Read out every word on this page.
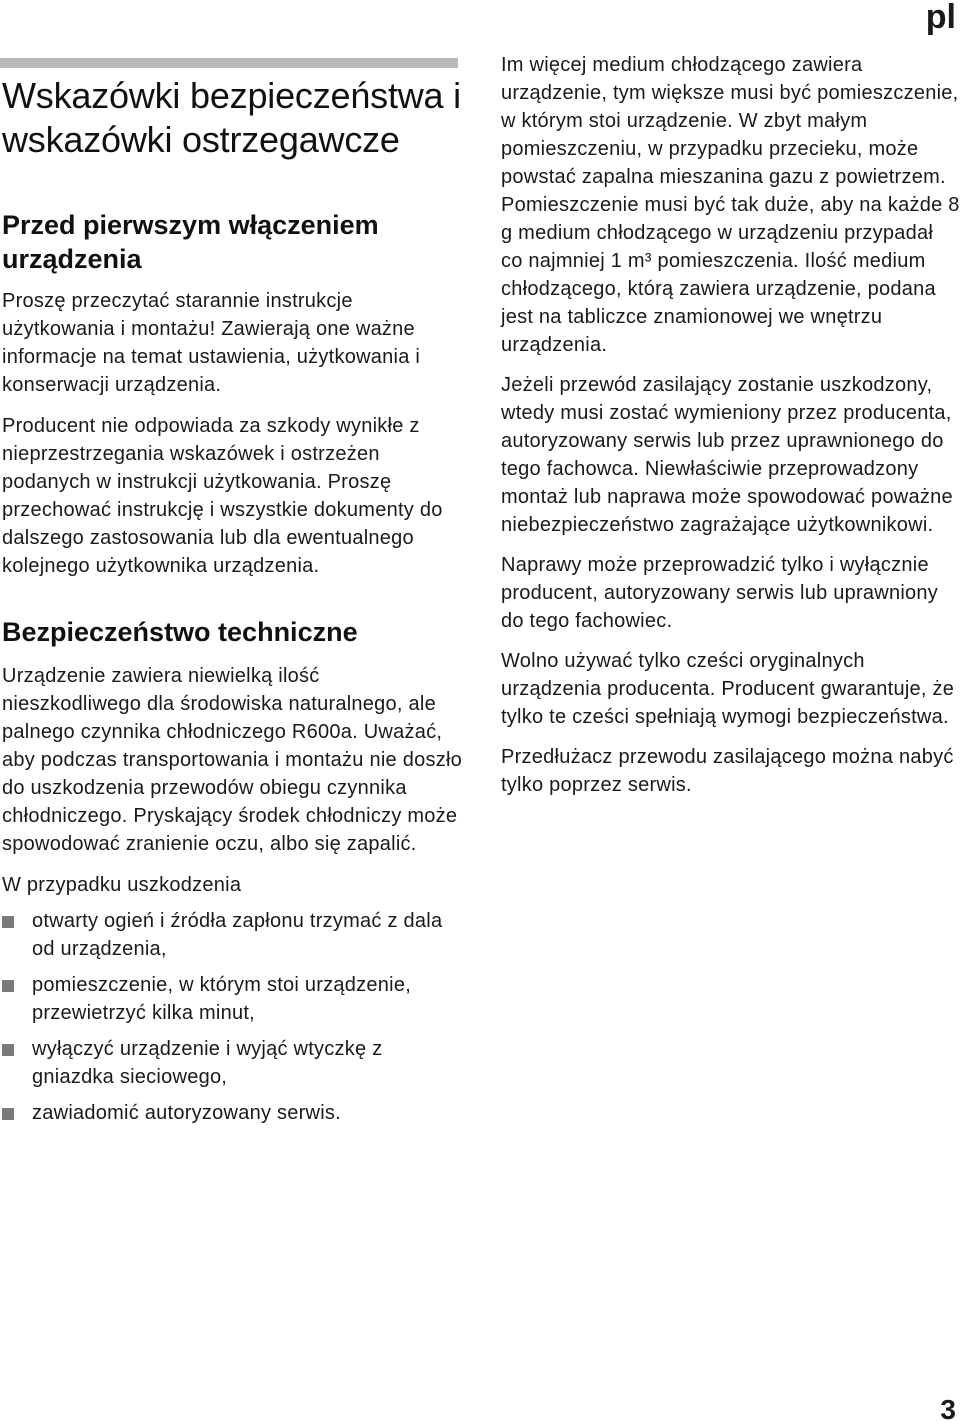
pl
Wskazówki bezpieczeństwa i wskazówki ostrzegawcze
Przed pierwszym włączeniem urządzenia

Proszę przeczytać starannie instrukcje użytkowania i montażu! Zawierają one ważne informacje na temat ustawienia, użytkowania i konserwacji urządzenia.

Producent nie odpowiada za szkody wynikłe z nieprzestrzegania wskazówek i ostrzeżen podanych w instrukcji użytkowania. Proszę przechować instrukcję i wszystkie dokumenty do dalszego zastosowania lub dla ewentualnego kolejnego użytkownika urządzenia.

Bezpieczeństwo techniczne

Urządzenie zawiera niewielką ilość nieszkodliwego dla środowiska naturalnego, ale palnego czynnika chłodniczego R600a. Uważać, aby podczas transportowania i montażu nie doszło do uszkodzenia przewodów obiegu czynnika chłodniczego. Pryskający środek chłodniczy może spowodować zranienie oczu, albo się zapalić.

W przypadku uszkodzenia

otwarty ogień i źródła zapłonu trzymać z dala od urządzenia,
pomieszczenie, w którym stoi urządzenie, przewietrzyć kilka minut,
wyłączyć urządzenie i wyjąć wtyczkę z gniazdka sieciowego,
zawiadomić autoryzowany serwis.

Im więcej medium chłodzącego zawiera urządzenie, tym większe musi być pomieszczenie, w którym stoi urządzenie. W zbyt małym pomieszczeniu, w przypadku przecieku, może powstać zapalna mieszanina gazu z powietrzem. Pomieszczenie musi być tak duże, aby na każde 8 g medium chłodzącego w urządzeniu przypadał co najmniej 1 m³ pomieszczenia. Ilość medium chłodzącego, którą zawiera urządzenie, podana jest na tabliczce znamionowej we wnętrzu urządzenia.

Jeżeli przewód zasilający zostanie uszkodzony, wtedy musi zostać wymieniony przez producenta, autoryzowany serwis lub przez uprawnionego do tego fachowca. Niewłaściwie przeprowadzony montaż lub naprawa może spowodować poważne niebezpieczeństwo zagrażające użytkownikowi.

Naprawy może przeprowadzić tylko i wyłącznie producent, autoryzowany serwis lub uprawniony do tego fachowiec.

Wolno używać tylko cześci oryginalnych urządzenia producenta. Producent gwarantuje, że tylko te cześci spełniają wymogi bezpieczeństwa.

Przedłużacz przewodu zasilającego można nabyć tylko poprzez serwis.

3
